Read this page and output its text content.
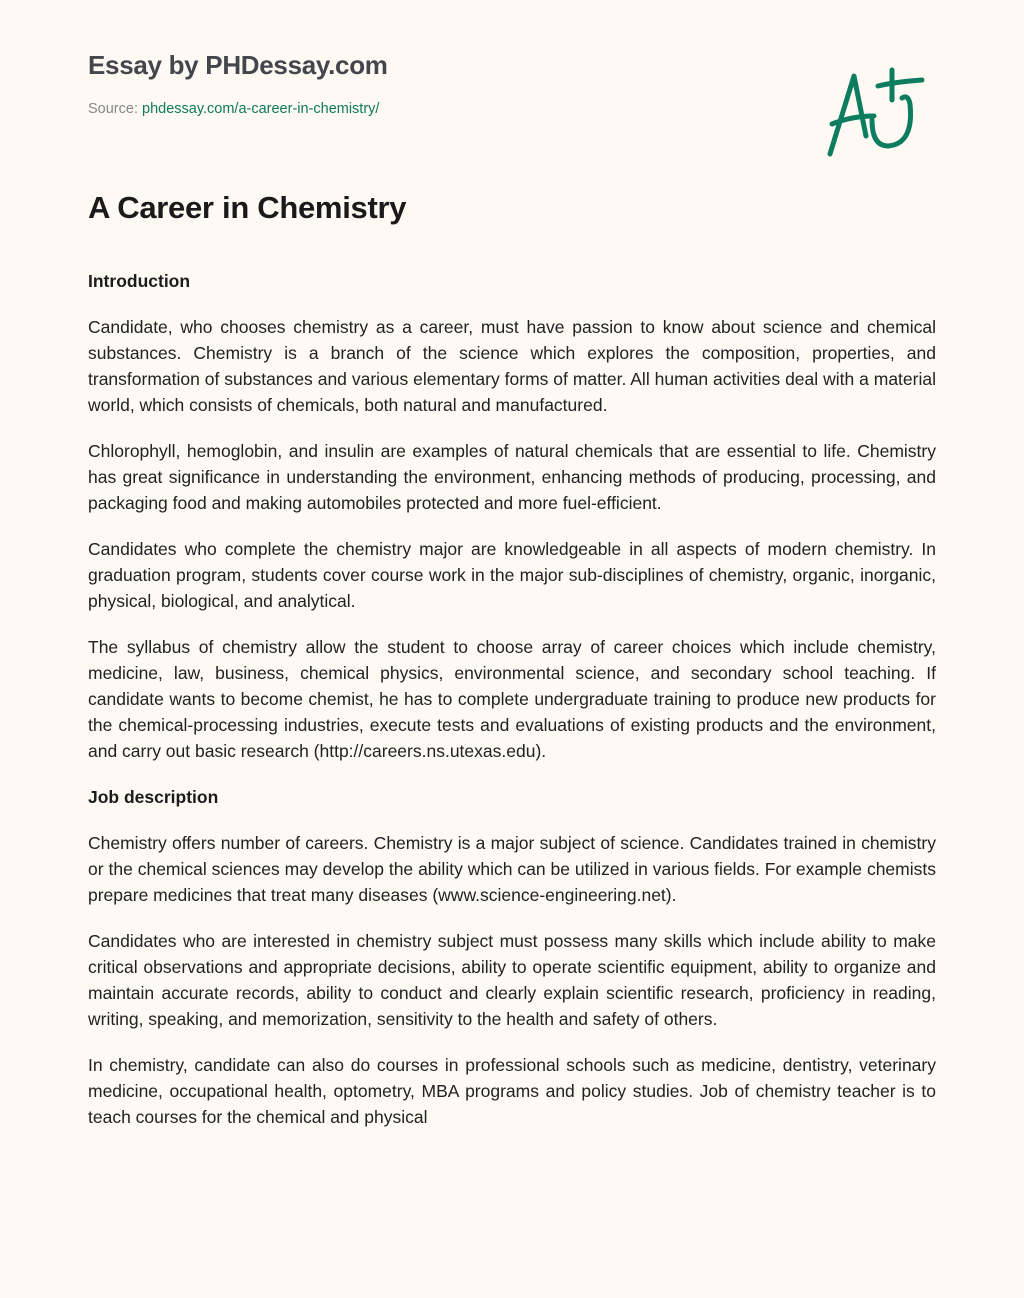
Essay by PHDessay.com
Source: phdessay.com/a-career-in-chemistry/
A Career in Chemistry
Introduction

Candidate, who chooses chemistry as a career, must have passion to know about science and chemical substances. Chemistry is a branch of the science which explores the composition, properties, and transformation of substances and various elementary forms of matter. All human activities deal with a material world, which consists of chemicals, both natural and manufactured.

Chlorophyll, hemoglobin, and insulin are examples of natural chemicals that are essential to life. Chemistry has great significance in understanding the environment, enhancing methods of producing, processing, and packaging food and making automobiles protected and more fuel-efficient.

Candidates who complete the chemistry major are knowledgeable in all aspects of modern chemistry. In graduation program, students cover course work in the major sub-disciplines of chemistry, organic, inorganic, physical, biological, and analytical.

The syllabus of chemistry allow the student to choose array of career choices which include chemistry, medicine, law, business, chemical physics, environmental science, and secondary school teaching. If candidate wants to become chemist, he has to complete undergraduate training to produce new products for the chemical-processing industries, execute tests and evaluations of existing products and the environment, and carry out basic research (http://careers.ns.utexas.edu).

Job description

Chemistry offers number of careers. Chemistry is a major subject of science. Candidates trained in chemistry or the chemical sciences may develop the ability which can be utilized in various fields. For example chemists prepare medicines that treat many diseases (www.science-engineering.net).

Candidates who are interested in chemistry subject must possess many skills which include ability to make critical observations and appropriate decisions, ability to operate scientific equipment, ability to organize and maintain accurate records, ability to conduct and clearly explain scientific research, proficiency in reading, writing, speaking, and memorization, sensitivity to the health and safety of others.

In chemistry, candidate can also do courses in professional schools such as medicine, dentistry, veterinary medicine, occupational health, optometry, MBA programs and policy studies. Job of chemistry teacher is to teach courses for the chemical and physical
